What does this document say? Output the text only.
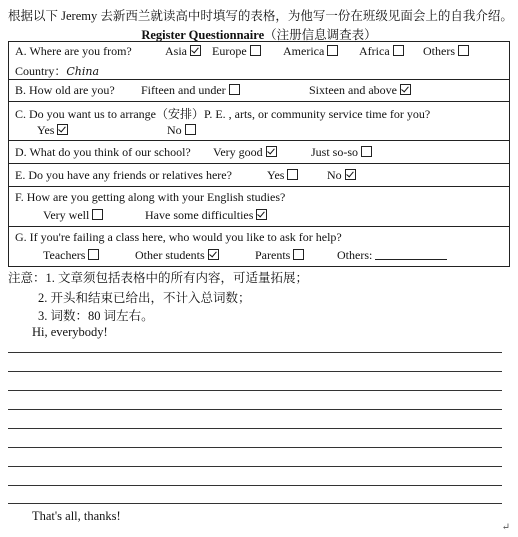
根据以下 Jeremy 去新西兰就读高中时填写的表格，为他写一份在班级见面会上的自我介绍。
Register Questionnaire（注册信息调查表）
A. Where are you from?	Asia	Europe	America	Africa	Others
Country：China

B. How old are you? Fifteen and under	Sixteen and above

C. Do you want us to arrange（安排）P. E. , arts, or community service time for you?
Yes	No

D. What do you think of our school? Very good	Just so-so

E. Do you have any friends or relatives here?	Yes	No

F. How are you getting along with your English studies?
Very well	Have some difficulties

G. If you're failing a class here, who would you like to ask for help?
Teachers	Other students	Parents	Others:
注意：1. 文章须包括表格中的所有内容，可适量拓展；
2. 开头和结束已给出，不计入总词数；
3. 词数：80 词左右。
Hi, everybody!
That's all, thanks!
↵
